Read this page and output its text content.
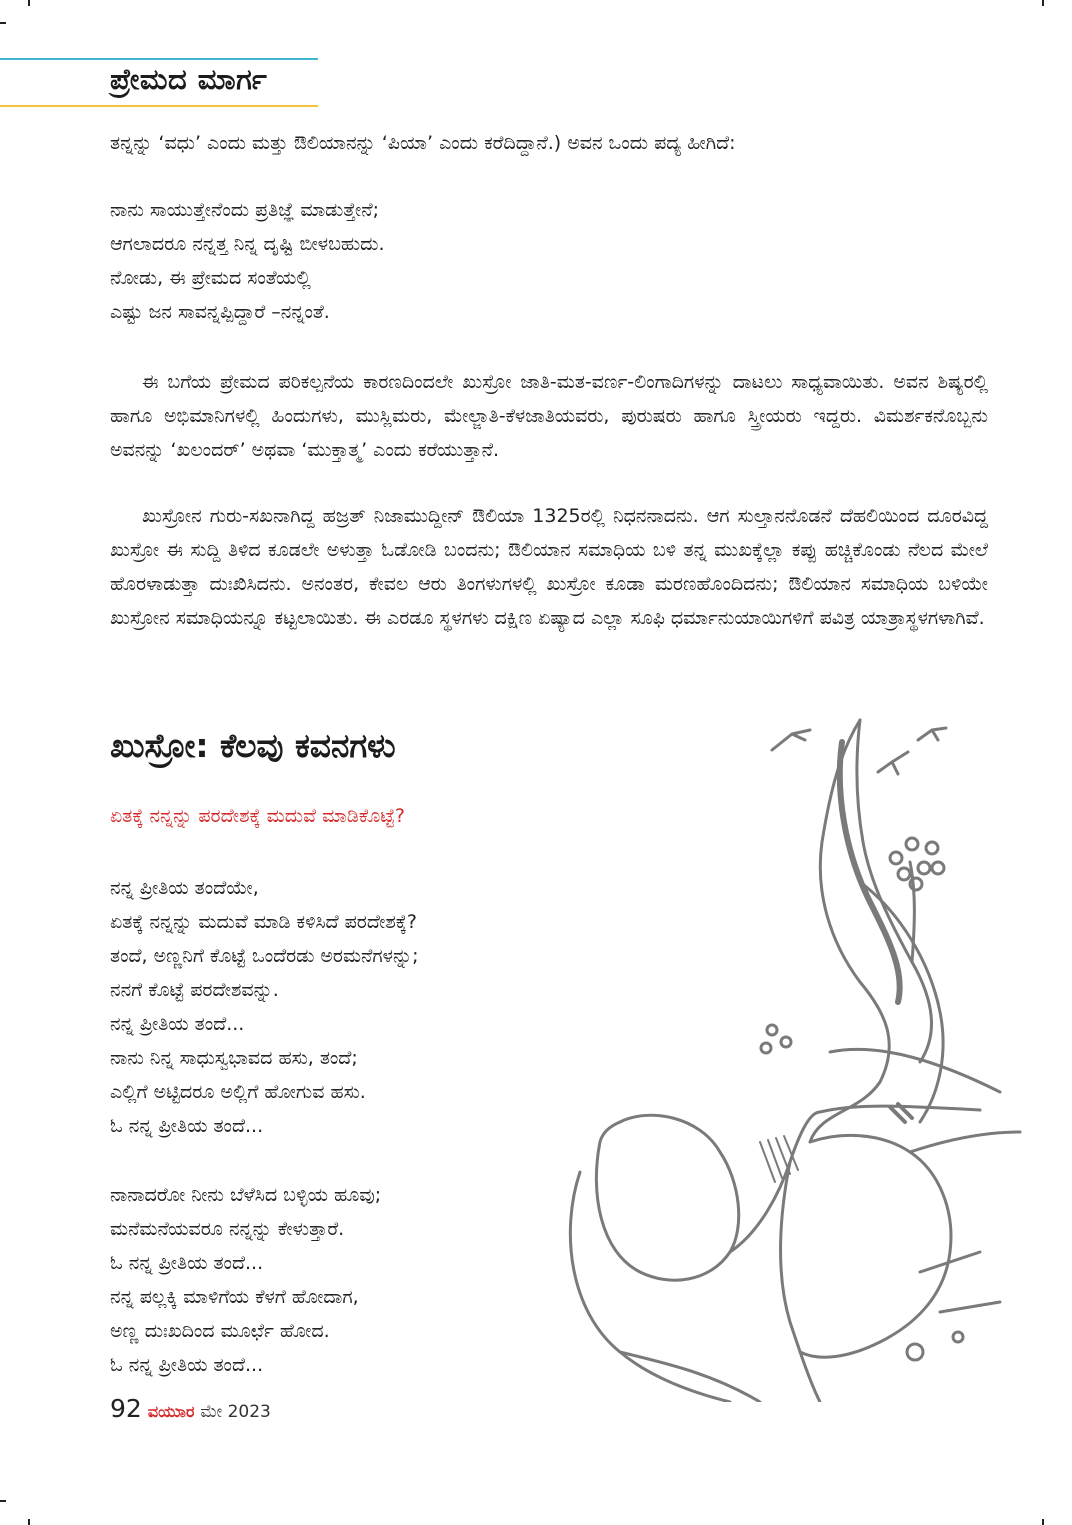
ಪ್ರೇಮದ ಮಾರ್ಗ
ತನ್ನನ್ನು ‘ವಧು’ ಎಂದು ಮತ್ತು ಔಲಿಯಾನನ್ನು ‘ಪಿಯಾ’ ಎಂದು ಕರೆದಿದ್ದಾನೆ.) ಅವನ ಒಂದು ಪದ್ಯ ಹೀಗಿದೆ:
ನಾನು ಸಾಯುತ್ತೇನೆಂದು ಪ್ರತಿಜ್ಞೆ ಮಾಡುತ್ತೇನೆ;
ಆಗಲಾದರೂ ನನ್ನತ್ತ ನಿನ್ನ ದೃಷ್ಟಿ ಬೀಳಬಹುದು.
ನೋಡು, ಈ ಪ್ರೇಮದ ಸಂತೆಯಲ್ಲಿ
ಎಷ್ಟು ಜನ ಸಾವನ್ನಪ್ಪಿದ್ದಾರೆ –ನನ್ನಂತೆ.
ಈ ಬಗೆಯ ಪ್ರೇಮದ ಪರಿಕಲ್ಪನೆಯ ಕಾರಣದಿಂದಲೇ ಖುಸ್ರೋ ಜಾತಿ-ಮತ-ವರ್ಣ-ಲಿಂಗಾದಿಗಳನ್ನು ದಾಟಲು ಸಾಧ್ಯವಾಯಿತು. ಅವನ ಶಿಷ್ಯರಲ್ಲಿ ಹಾಗೂ ಅಭಿಮಾನಿಗಳಲ್ಲಿ ಹಿಂದುಗಳು, ಮುಸ್ಲಿಮರು, ಮೇಲ್ಜಾತಿ-ಕೆಳಜಾತಿಯವರು, ಪುರುಷರು ಹಾಗೂ ಸ್ತ್ರೀಯರು ಇದ್ದರು. ವಿಮರ್ಶಕನೊಬ್ಬನು ಅವನನ್ನು ‘ಖಲಂದರ್’ ಅಥವಾ ‘ಮುಕ್ತಾತ್ಮ’ ಎಂದು ಕರೆಯುತ್ತಾನೆ.
ಖುಸ್ರೋನ ಗುರು-ಸಖನಾಗಿದ್ದ ಹಜ್ರತ್ ನಿಜಾಮುದ್ದೀನ್ ಔಲಿಯಾ 1325ರಲ್ಲಿ ನಿಧನನಾದನು. ಆಗ ಸುಲ್ತಾನನೊಡನೆ ದೆಹಲಿಯಿಂದ ದೂರವಿದ್ದ ಖುಸ್ರೋ ಈ ಸುದ್ದಿ ತಿಳಿದ ಕೂಡಲೇ ಅಳುತ್ತಾ ಓಡೋಡಿ ಬಂದನು; ಔಲಿಯಾನ ಸಮಾಧಿಯ ಬಳಿ ತನ್ನ ಮುಖಕ್ಕೆಲ್ಲಾ ಕಪ್ಪು ಹಚ್ಚಿಕೊಂಡು ನೆಲದ ಮೇಲೆ ಹೊರಳಾಡುತ್ತಾ ದುಃಖಿಸಿದನು. ಅನಂತರ, ಕೇವಲ ಆರು ತಿಂಗಳುಗಳಲ್ಲಿ ಖುಸ್ರೋ ಕೂಡಾ ಮರಣಹೊಂದಿದನು; ಔಲಿಯಾನ ಸಮಾಧಿಯ ಬಳಿಯೇ ಖುಸ್ರೋನ ಸಮಾಧಿಯನ್ನೂ ಕಟ್ಟಲಾಯಿತು. ಈ ಎರಡೂ ಸ್ಥಳಗಳು ದಕ್ಷಿಣ ಏಷ್ಯಾದ ಎಲ್ಲಾ ಸೂಫಿ ಧರ್ಮಾನುಯಾಯಿಗಳಿಗೆ ಪವಿತ್ರ ಯಾತ್ರಾಸ್ಥಳಗಳಾಗಿವೆ.
ಖುಸ್ರೋ: ಕೆಲವು ಕವನಗಳು
ಏತಕ್ಕೆ ನನ್ನನ್ನು ಪರದೇಶಕ್ಕೆ ಮದುವೆ ಮಾಡಿಕೊಟ್ಟೆ?
ನನ್ನ ಪ್ರೀತಿಯ ತಂದೆಯೇ,
ಏತಕ್ಕೆ ನನ್ನನ್ನು ಮದುವೆ ಮಾಡಿ ಕಳಿಸಿದೆ ಪರದೇಶಕ್ಕೆ?
ತಂದೆ, ಅಣ್ಣನಿಗೆ ಕೊಟ್ಟೆ ಒಂದೆರಡು ಅರಮನೆಗಳನ್ನು;
ನನಗೆ ಕೊಟ್ಟೆ ಪರದೇಶವನ್ನು.
ನನ್ನ ಪ್ರೀತಿಯ ತಂದೆ...
ನಾನು ನಿನ್ನ ಸಾಧುಸ್ವಭಾವದ ಹಸು, ತಂದೆ;
ಎಲ್ಲಿಗೆ ಅಟ್ಟಿದರೂ ಅಲ್ಲಿಗೆ ಹೋಗುವ ಹಸು.
ಓ ನನ್ನ ಪ್ರೀತಿಯ ತಂದೆ...
ನಾನಾದರೋ ನೀನು ಬೆಳೆಸಿದ ಬಳ್ಳಿಯ ಹೂವು;
ಮನೆಮನೆಯವರೂ ನನ್ನನ್ನು ಕೇಳುತ್ತಾರೆ.
ಓ ನನ್ನ ಪ್ರೀತಿಯ ತಂದೆ...
ನನ್ನ ಪಲ್ಲಕ್ಕಿ ಮಾಳಿಗೆಯ ಕೆಳಗೆ ಹೋದಾಗ,
ಅಣ್ಣ ದುಃಖದಿಂದ ಮೂರ್ಛೆ ಹೋದ.
ಓ ನನ್ನ ಪ್ರೀತಿಯ ತಂದೆ...
92 ವಯುಾರ ಮೇ 2023
